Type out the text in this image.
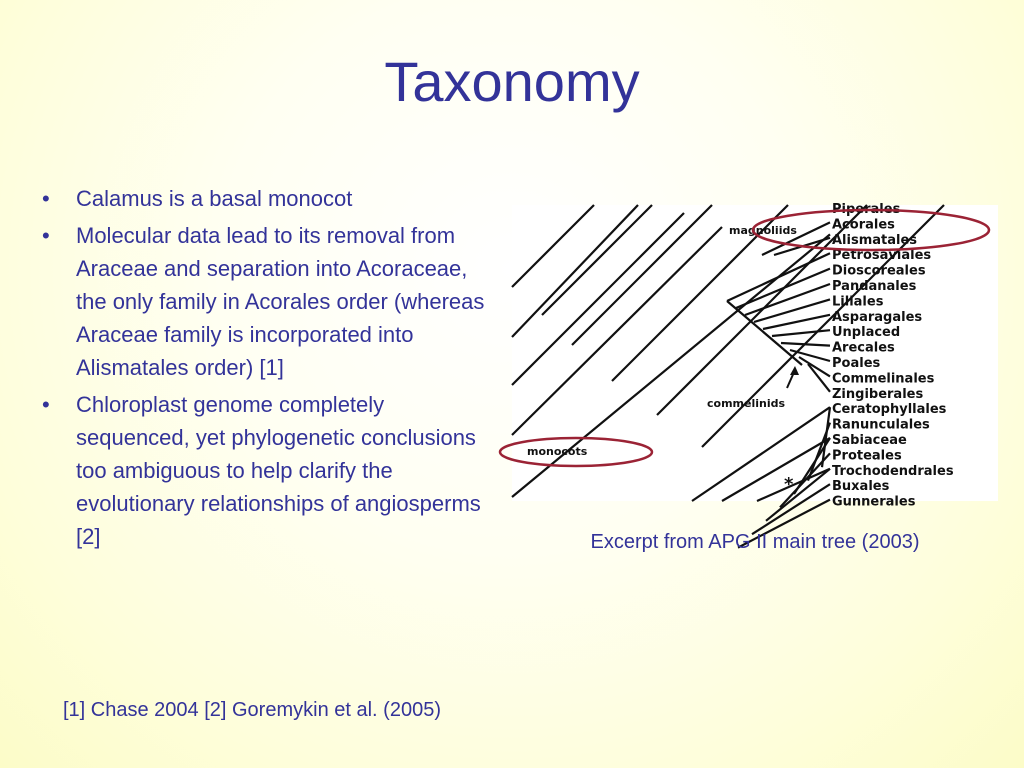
Taxonomy
• Calamus is a basal monocot
• Molecular data lead to its removal from Araceae and separation into Acoraceae, the only family in Acorales order (whereas Araceae family is incorporated into Alismatales order) [1]
• Chloroplast genome completely sequenced, yet phylogenetic conclusions too ambiguous to help clarify the evolutionary relationships of angiosperms [2]
Piperales
Acorales
Alismatales
Petrosaviales
Dioscoreales
Pandanales
Liliales
Asparagales
Unplaced
Arecales
Poales
Commelinales
Zingiberales
Ceratophyllales
Ranunculales
Sabiaceae
Proteales
Trochodendrales
Buxales
Gunnerales
magnoliids
commelinids
monocots
*
Excerpt from APG II main tree (2003)
[1] Chase 2004 [2] Goremykin et al. (2005)
